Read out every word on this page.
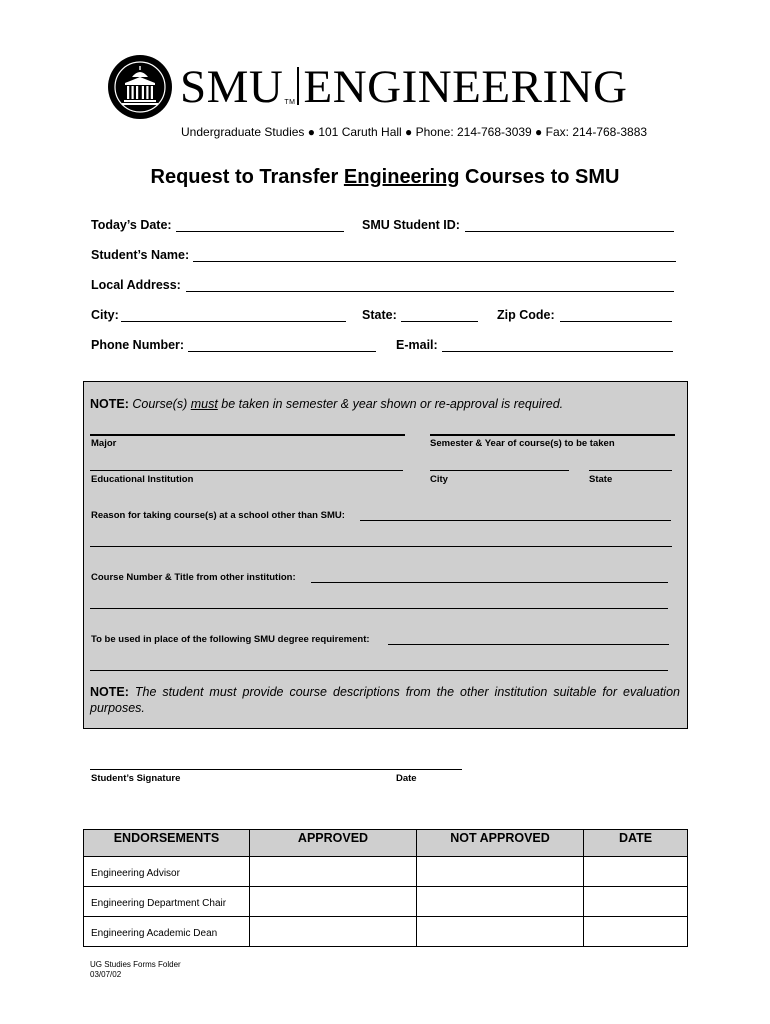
SMUTM ENGINEERING
Undergraduate Studies ● 101 Caruth Hall ● Phone: 214-768-3039 ● Fax: 214-768-3883
Request to Transfer Engineering Courses to SMU
Today’s Date:	SMU Student ID:
Student’s Name:
Local Address:
City:	State:	Zip Code:
Phone Number:	E-mail:
NOTE: Course(s) must be taken in semester & year shown or re-approval is required.
Major	Semester & Year of course(s) to be taken
Educational Institution	City	State
Reason for taking course(s) at a school other than SMU:
Course Number & Title from other institution:
To be used in place of the following SMU degree requirement:
NOTE: The student must provide course descriptions from the other institution suitable for evaluation purposes.
Student’s Signature	Date
ENDORSEMENTS	APPROVED	NOT APPROVED	DATE
Engineering Advisor			
Engineering Department Chair			
Engineering Academic Dean			
UG Studies Forms Folder
03/07/02
